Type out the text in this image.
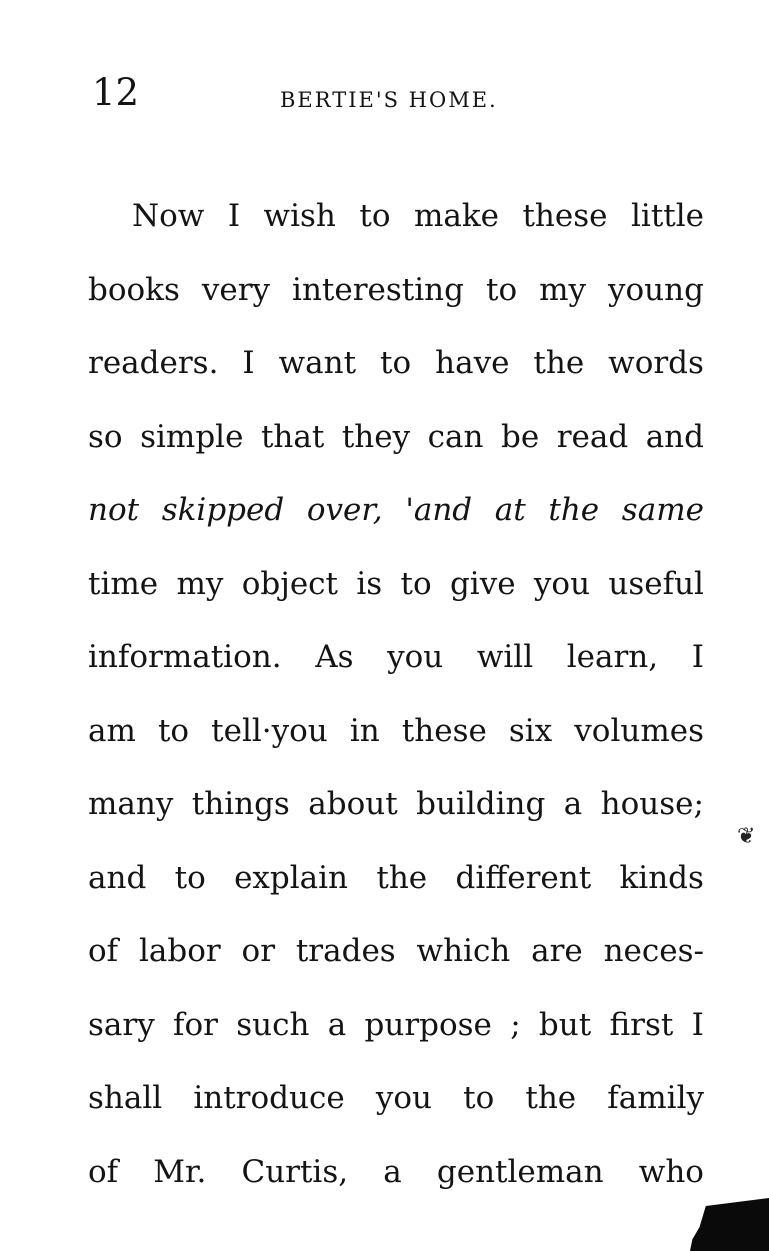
12	BERTIE'S HOME.
Now I wish to make these little
books very interesting to my young
readers. I want to have the words
so simple that they can be read and
not skipped over, 'and at the same
time my object is to give you useful
information. As you will learn, I
am to tell·you in these six volumes
many things about building a house;
and to explain the different kinds
of labor or trades which are neces-
sary for such a purpose ; but first I
shall introduce you to the family
of Mr. Curtis, a gentleman who
❦
